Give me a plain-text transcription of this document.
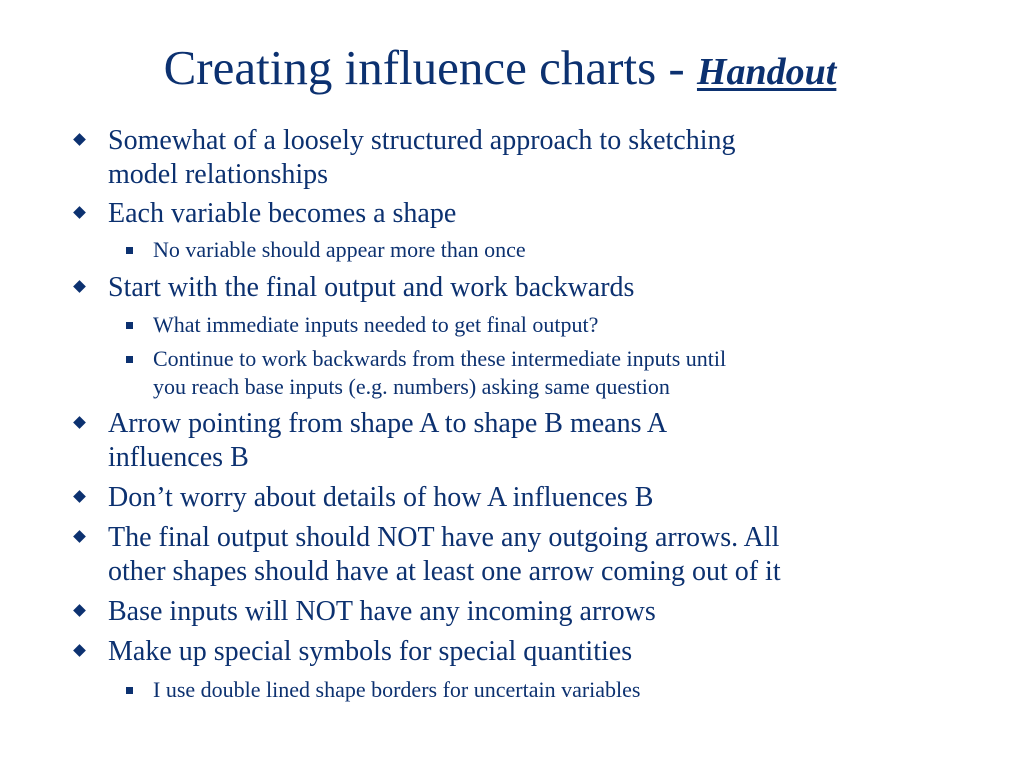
Creating influence charts - Handout
Somewhat of a loosely structured approach to sketching
model relationships
Each variable becomes a shape
No variable should appear more than once
Start with the final output and work backwards
What immediate inputs needed to get final output?
Continue to work backwards from these intermediate inputs until
you reach base inputs (e.g. numbers) asking same question
Arrow pointing from shape A to shape B means A
influences B
Don’t worry about details of how A influences B
The final output should NOT have any outgoing arrows. All
other shapes should have at least one arrow coming out of it
Base inputs will NOT have any incoming arrows
Make up special symbols for special quantities
I use double lined shape borders for uncertain variables
